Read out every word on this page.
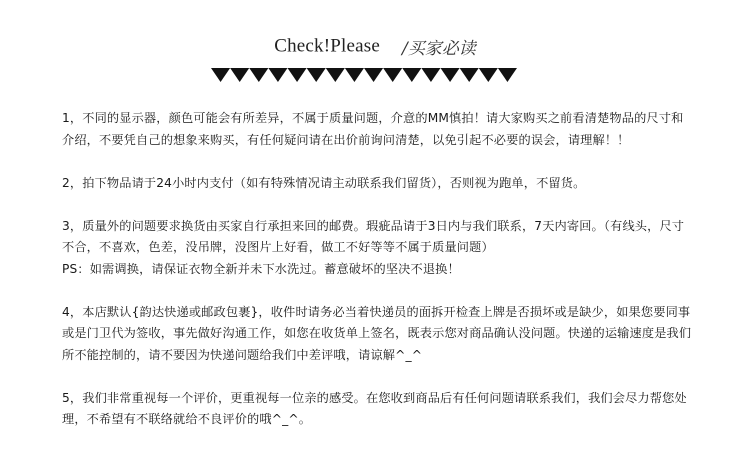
Check!Please /买家必读

1，不同的显示器，颜色可能会有所差异，不属于质量问题，介意的MM慎拍！请大家购买之前看清楚物品的尺寸和介绍，不要凭自己的想象来购买，有任何疑问请在出价前询问清楚，以免引起不必要的误会，请理解！！

2，拍下物品请于24小时内支付（如有特殊情况请主动联系我们留货），否则视为跑单，不留货。

3，质量外的问题要求换货由买家自行承担来回的邮费。瑕疵品请于3日内与我们联系，7天内寄回。（有线头，尺寸不合，不喜欢，色差，没吊牌，没图片上好看，做工不好等等不属于质量问题）

PS：如需调换，请保证衣物全新并未下水洗过。蓄意破坏的坚决不退换！

4，本店默认{韵达快递或邮政包裹}，收件时请务必当着快递员的面拆开检查上牌是否损坏或是缺少，如果您要同事或是门卫代为签收，事先做好沟通工作，如您在收货单上签名，既表示您对商品确认没问题。快递的运输速度是我们所不能控制的，请不要因为快递问题给我们中差评哦，请谅解^_^

5，我们非常重视每一个评价，更重视每一位亲的感受。在您收到商品后有任何问题请联系我们，我们会尽力帮您处理，不希望有不联络就给不良评价的哦^_^。
